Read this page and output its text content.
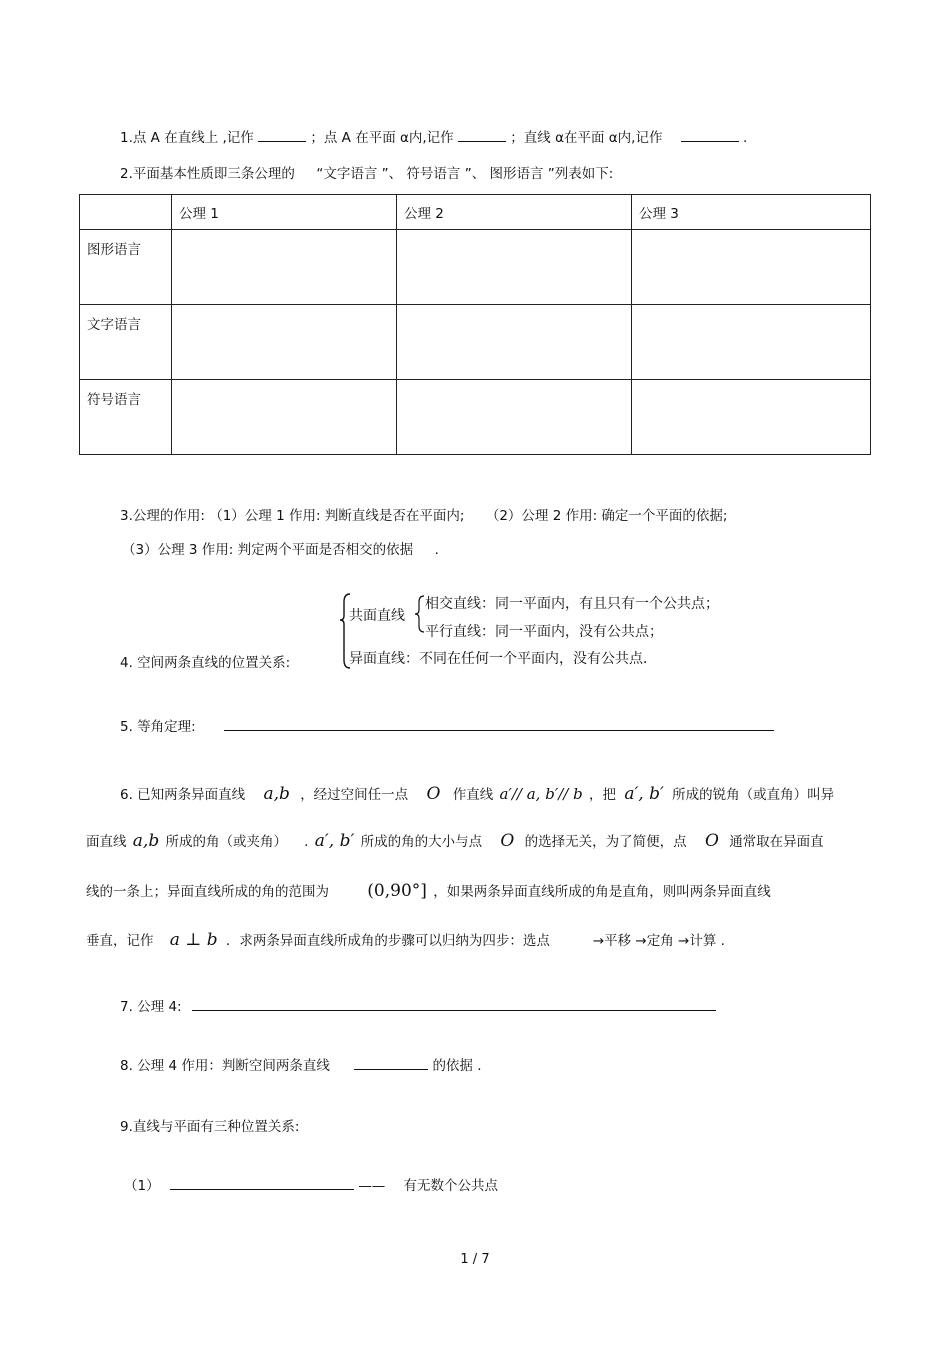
1.点 A 在直线上 ,记作	；点 A 在平面 α内,记作	；直线 α在平面 α内,记作	.
2.平面基本性质即三条公理的     “文字语言 ”、 符号语言 ”、 图形语言 ”列表如下:
	公理 1	公理 2	公理 3
图形语言			
文字语言			
符号语言			
3.公理的作用: （1）公理 1 作用: 判断直线是否在平面内;     （2）公理 2 作用: 确定一个平面的依据;
（3）公理 3 作用: 判定两个平面是否相交的依据     .
4. 空间两条直线的位置关系:
共面直线
相交直线：同一平面内，有且只有一个公共点；
平行直线：同一平面内，没有公共点；
异面直线：不同在任何一个平面内，没有公共点．
5. 等角定理:
6. 已知两条异面直线 a,b ，经过空间任一点 O 作直线 a′// a, b′// b ，把 a′, b′ 所成的锐角（或直角）叫异
面直线 a,b 所成的角（或夹角）    . a′, b′ 所成的角的大小与点 O 的选择无关，为了简便，点 O 通常取在异面直
线的一条上；异面直线所成的角的范围为 (0,90°] ，如果两条异面直线所成的角是直角，则叫两条异面直线
垂直，记作 a ⊥ b ．求两条异面直线所成角的步骤可以归纳为四步：选点          →平移 →定角 →计算 .
7. 公理 4:
8. 公理 4 作用：判断空间两条直线	的依据 .
9.直线与平面有三种位置关系:
（1）	—— 有无数个公共点
1 / 7
